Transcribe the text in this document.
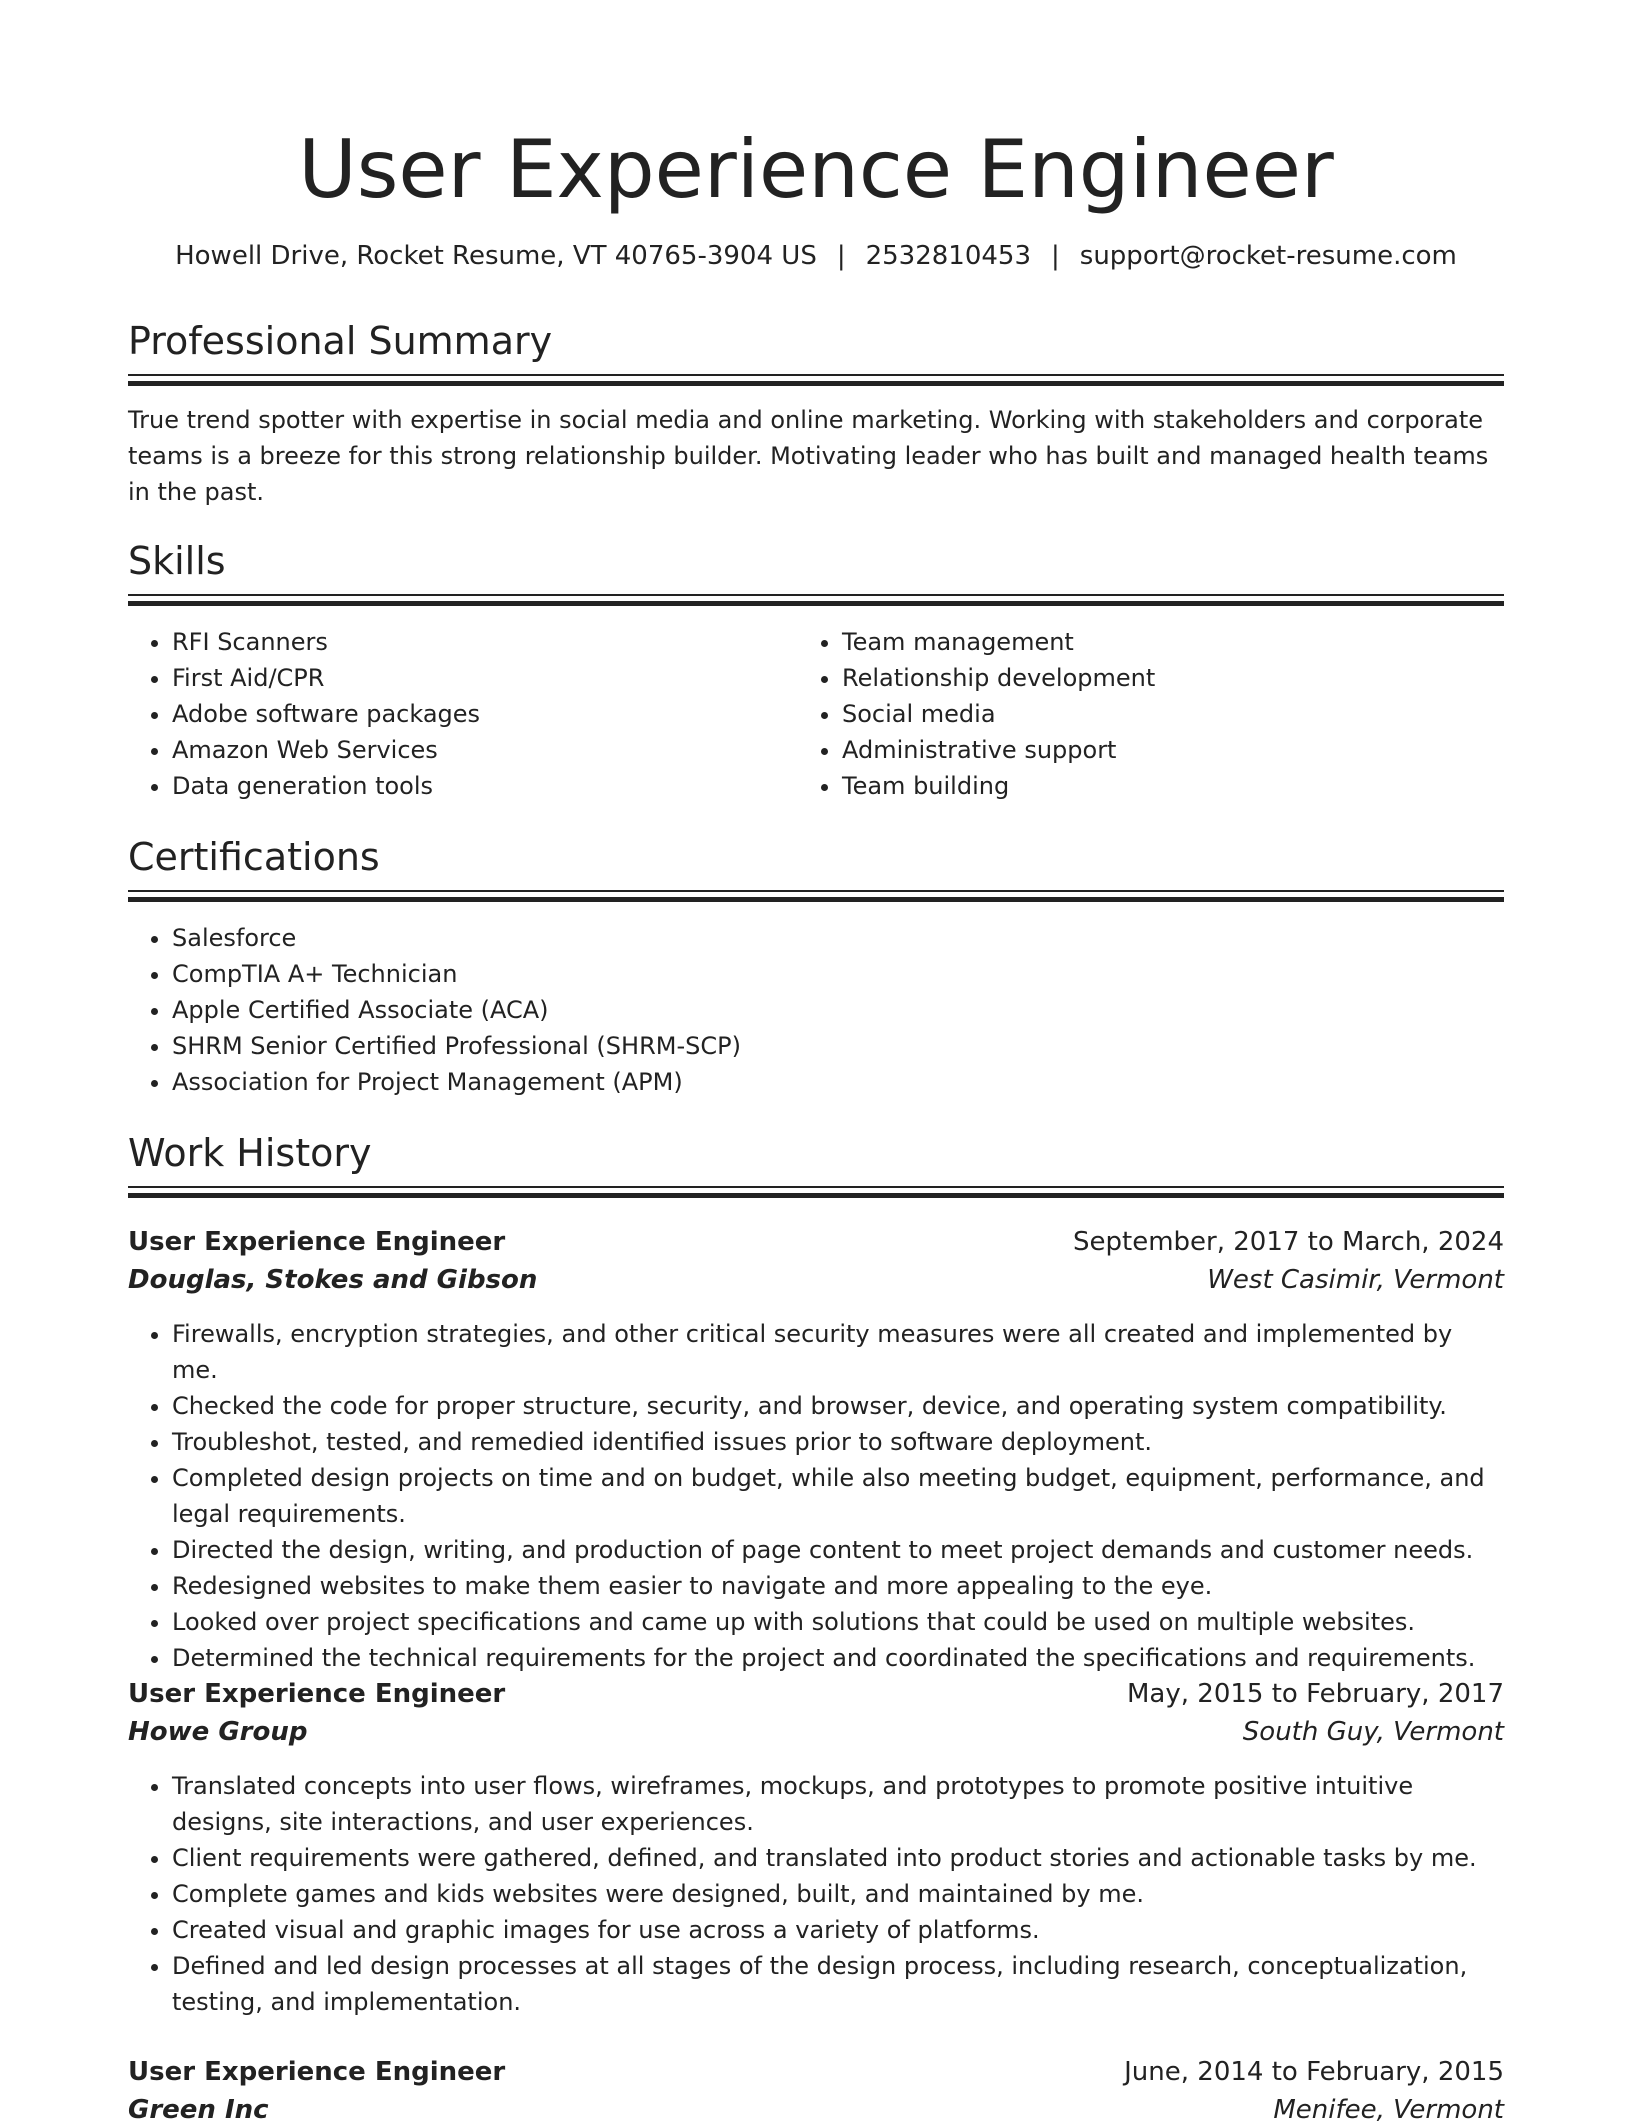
User Experience Engineer
Howell Drive, Rocket Resume, VT 40765-3904 US | 2532810453 | support@rocket-resume.com
Professional Summary

True trend spotter with expertise in social media and online marketing. Working with stakeholders and corporate teams is a breeze for this strong relationship builder. Motivating leader who has built and managed health teams in the past.

Skills
• RFI Scanners
• First Aid/CPR
• Adobe software packages
• Amazon Web Services
• Data generation tools
• Team management
• Relationship development
• Social media
• Administrative support
• Team building
Certifications
• Salesforce
• CompTIA A+ Technician
• Apple Certified Associate (ACA)
• SHRM Senior Certified Professional (SHRM-SCP)
• Association for Project Management (APM)
Work History
User Experience Engineer	September, 2017 to March, 2024
Douglas, Stokes and Gibson	West Casimir, Vermont
• Firewalls, encryption strategies, and other critical security measures were all created and implemented by me.
• Checked the code for proper structure, security, and browser, device, and operating system compatibility.
• Troubleshot, tested, and remedied identified issues prior to software deployment.
• Completed design projects on time and on budget, while also meeting budget, equipment, performance, and legal requirements.
• Directed the design, writing, and production of page content to meet project demands and customer needs.
• Redesigned websites to make them easier to navigate and more appealing to the eye.
• Looked over project specifications and came up with solutions that could be used on multiple websites.
• Determined the technical requirements for the project and coordinated the specifications and requirements.
User Experience Engineer	May, 2015 to February, 2017
Howe Group	South Guy, Vermont
• Translated concepts into user flows, wireframes, mockups, and prototypes to promote positive intuitive designs, site interactions, and user experiences.
• Client requirements were gathered, defined, and translated into product stories and actionable tasks by me.
• Complete games and kids websites were designed, built, and maintained by me.
• Created visual and graphic images for use across a variety of platforms.
• Defined and led design processes at all stages of the design process, including research, conceptualization, testing, and implementation.
User Experience Engineer	June, 2014 to February, 2015
Green Inc	Menifee, Vermont
